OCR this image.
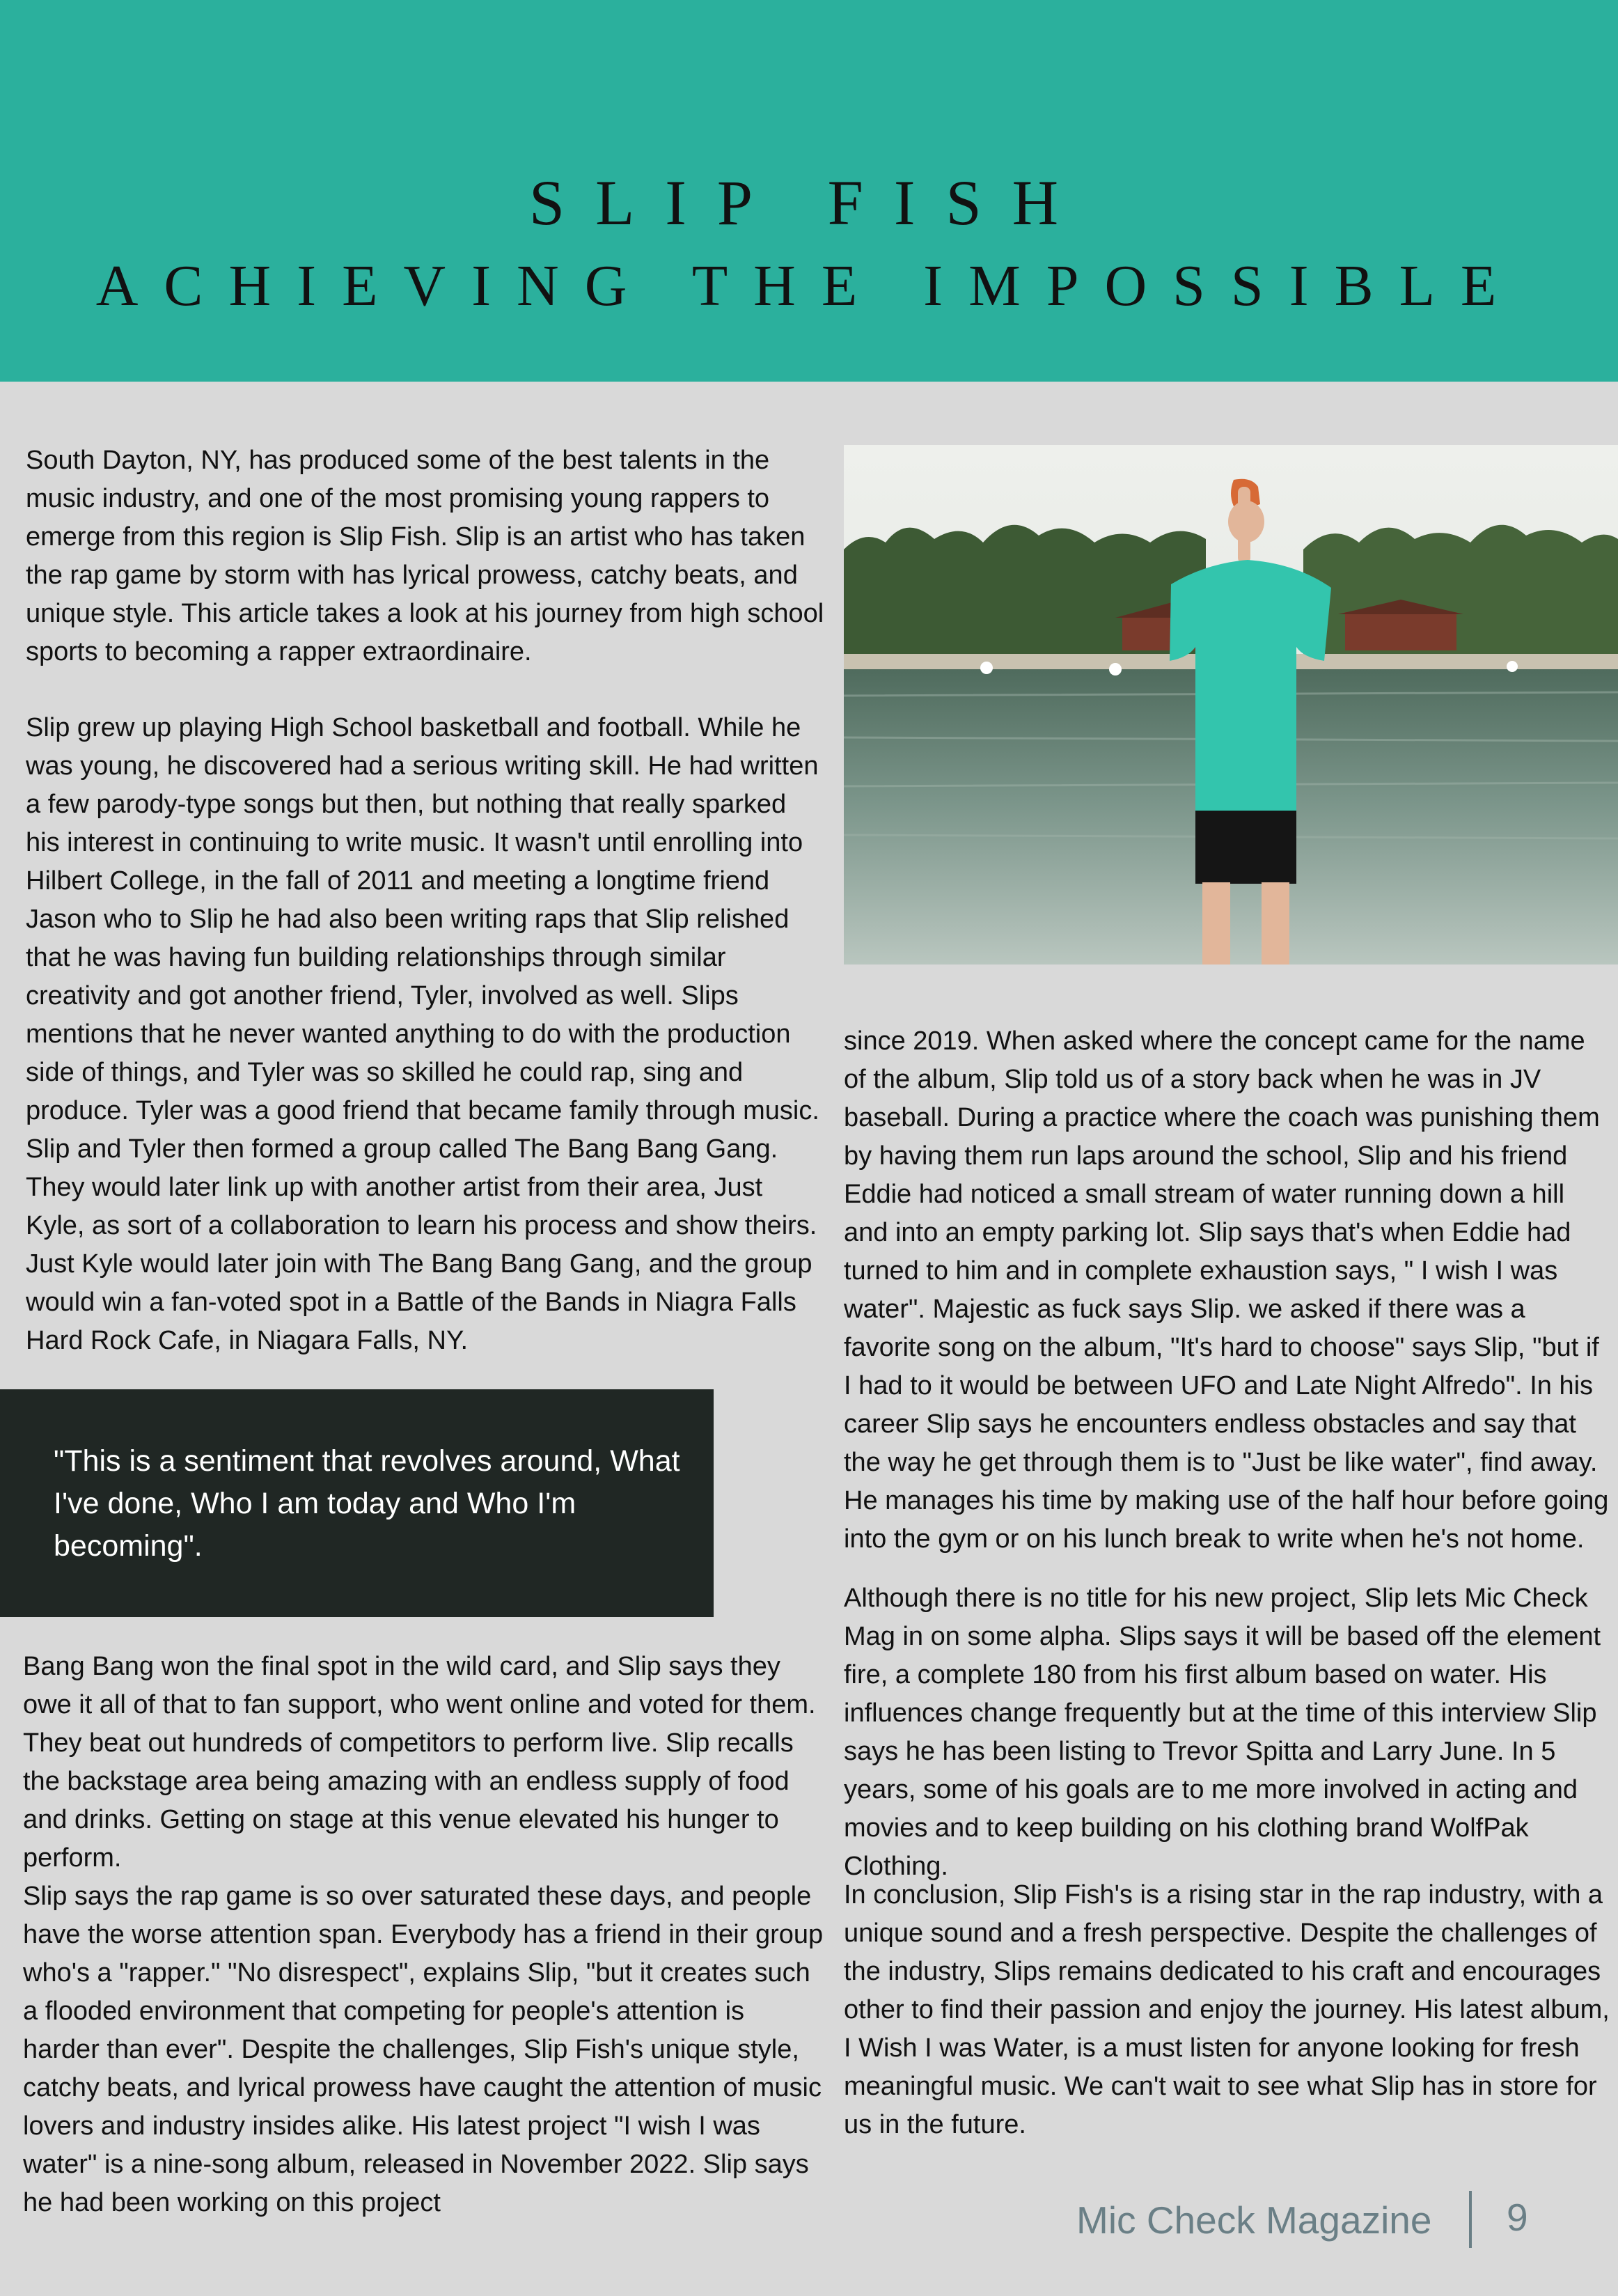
SLIP FISH
ACHIEVING THE IMPOSSIBLE

South Dayton, NY, has produced some of the best talents in the music industry, and one of the most promising young rappers to emerge from this region is Slip Fish. Slip is an artist who has taken the rap game by storm with has lyrical prowess, catchy beats, and unique style. This article takes a look at his journey from high school sports to becoming a rapper extraordinaire.

Slip grew up playing High School basketball and football. While he was young, he discovered had a serious writing skill. He had written a few parody-type songs but then, but nothing that really sparked his interest in continuing to write music. It wasn't until enrolling into Hilbert College, in the fall of 2011 and meeting a longtime friend Jason who to Slip he had also been writing raps that Slip relished that he was having fun building relationships through similar creativity and got another friend, Tyler, involved as well. Slips mentions that he never wanted anything to do with the production side of things, and Tyler was so skilled he could rap, sing and produce. Tyler was a good friend that became family through music. Slip and Tyler then formed a group called The Bang Bang Gang. They would later link up with another artist from their area, Just Kyle, as sort of a collaboration to learn his process and show theirs. Just Kyle would later join with The Bang Bang Gang, and the group would win a fan-voted spot in a Battle of the Bands in Niagra Falls Hard Rock Cafe, in Niagara Falls, NY.

"This is a sentiment that revolves around, What I've done, Who I am today and Who I'm becoming".

Bang Bang won the final spot in the wild card, and Slip says they owe it all of that to fan support, who went online and voted for them. They beat out hundreds of competitors to perform live. Slip recalls the backstage area being amazing with an endless supply of food and drinks. Getting on stage at this venue elevated his hunger to perform.
Slip says the rap game is so over saturated these days, and people have the worse attention span. Everybody has a friend in their group who's a "rapper." "No disrespect", explains Slip, "but it creates such a flooded environment that competing for people's attention is harder than ever". Despite the challenges, Slip Fish's unique style, catchy beats, and lyrical prowess have caught the attention of music lovers and industry insides alike. His latest project "I wish I was water" is a nine-song album, released in November 2022. Slip says he had been working on this project

since 2019. When asked where the concept came for the name of the album, Slip told us of a story back when he was in JV baseball. During a practice where the coach was punishing them by having them run laps around the school, Slip and his friend Eddie had noticed a small stream of water running down a hill and into an empty parking lot. Slip says that's when Eddie had turned to him and in complete exhaustion says, " I wish I was water". Majestic as fuck says Slip. we asked if there was a favorite song on the album, "It's hard to choose" says Slip, "but if I had to it would be between UFO and Late Night Alfredo". In his career Slip says he encounters endless obstacles and say that the way he get through them is to "Just be like water", find away. He manages his time by making use of the half hour before going into the gym or on his lunch break to write when he's not home.

Although there is no title for his new project, Slip lets Mic Check Mag in on some alpha. Slips says it will be based off the element fire, a complete 180 from his first album based on water. His influences change frequently but at the time of this interview Slip says he has been listing to Trevor Spitta and Larry June. In 5 years, some of his goals are to me more involved in acting and movies and to keep building on his clothing brand WolfPak Clothing.

In conclusion, Slip Fish's is a rising star in the rap industry, with a unique sound and a fresh perspective. Despite the challenges of the industry, Slips remains dedicated to his craft and encourages other to find their passion and enjoy the journey. His latest album, I Wish I was Water, is a must listen for anyone looking for fresh meaningful music. We can't wait to see what Slip has in store for us in the future.

Mic Check Magazine 9
